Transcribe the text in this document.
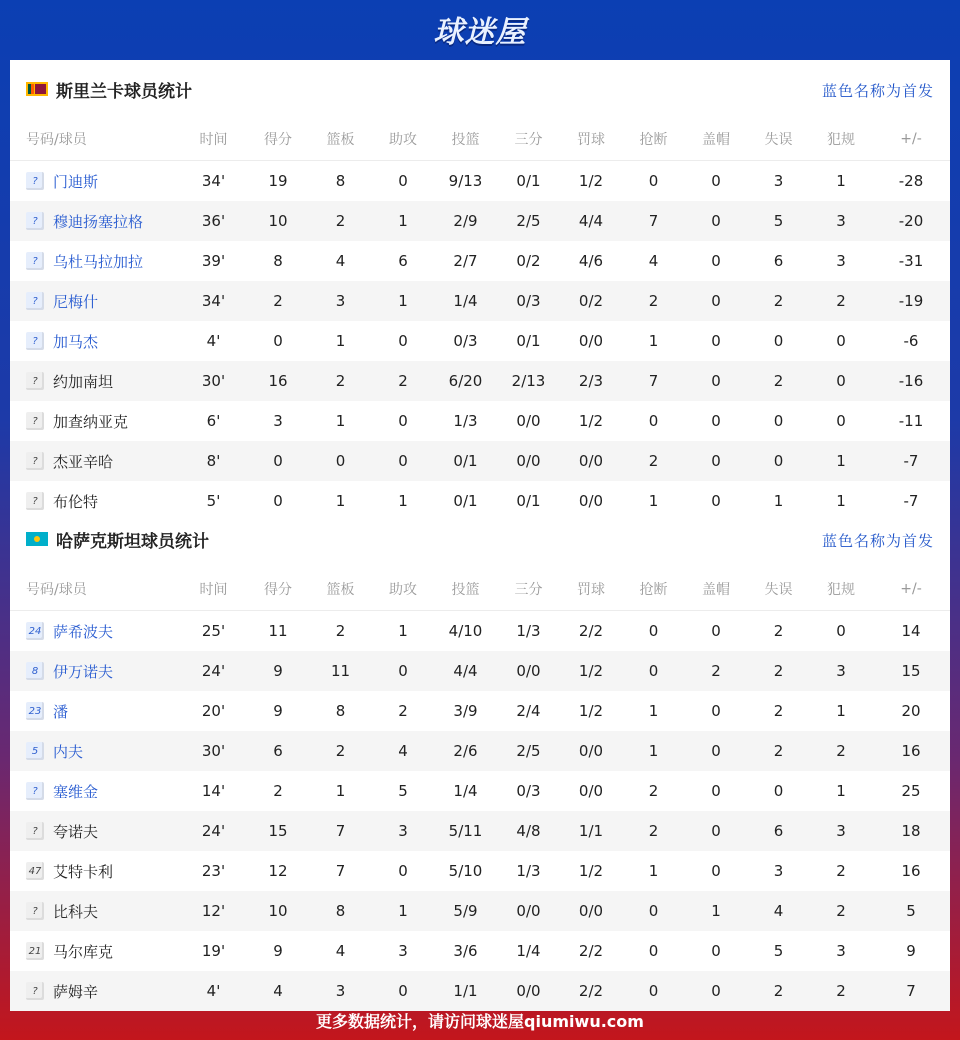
球迷屋
斯里兰卡球员统计	蓝色名称为首发
号码/球员	时间	得分	篮板	助攻	投篮	三分	罚球	抢断	盖帽	失误	犯规	+/-

? 门迪斯	34'	19	8	0	9/13	0/1	1/2	0	0	3	1	-28

? 穆迪扬塞拉格	36'	10	2	1	2/9	2/5	4/4	7	0	5	3	-20

? 乌杜马拉加拉	39'	8	4	6	2/7	0/2	4/6	4	0	6	3	-31

? 尼梅什	34'	2	3	1	1/4	0/3	0/2	2	0	2	2	-19

? 加马杰	4'	0	1	0	0/3	0/1	0/0	1	0	0	0	-6

? 约加南坦	30'	16	2	2	6/20	2/13	2/3	7	0	2	0	-16

? 加查纳亚克	6'	3	1	0	1/3	0/0	1/2	0	0	0	0	-11

? 杰亚辛哈	8'	0	0	0	0/1	0/0	0/0	2	0	0	1	-7

? 布伦特	5'	0	1	1	0/1	0/1	0/0	1	0	1	1	-7
哈萨克斯坦球员统计	蓝色名称为首发
号码/球员	时间	得分	篮板	助攻	投篮	三分	罚球	抢断	盖帽	失误	犯规	+/-

24 萨希波夫	25'	11	2	1	4/10	1/3	2/2	0	0	2	0	14

8 伊万诺夫	24'	9	11	0	4/4	0/0	1/2	0	2	2	3	15

23 潘	20'	9	8	2	3/9	2/4	1/2	1	0	2	1	20

5 内夫	30'	6	2	4	2/6	2/5	0/0	1	0	2	2	16

? 塞维金	14'	2	1	5	1/4	0/3	0/0	2	0	0	1	25

? 夸诺夫	24'	15	7	3	5/11	4/8	1/1	2	0	6	3	18

47 艾特卡利	23'	12	7	0	5/10	1/3	1/2	1	0	3	2	16

? 比科夫	12'	10	8	1	5/9	0/0	0/0	0	1	4	2	5

21 马尔库克	19'	9	4	3	3/6	1/4	2/2	0	0	5	3	9

? 萨姆辛	4'	4	3	0	1/1	0/0	2/2	0	0	2	2	7
更多数据统计，请访问球迷屋qiumiwu.com
